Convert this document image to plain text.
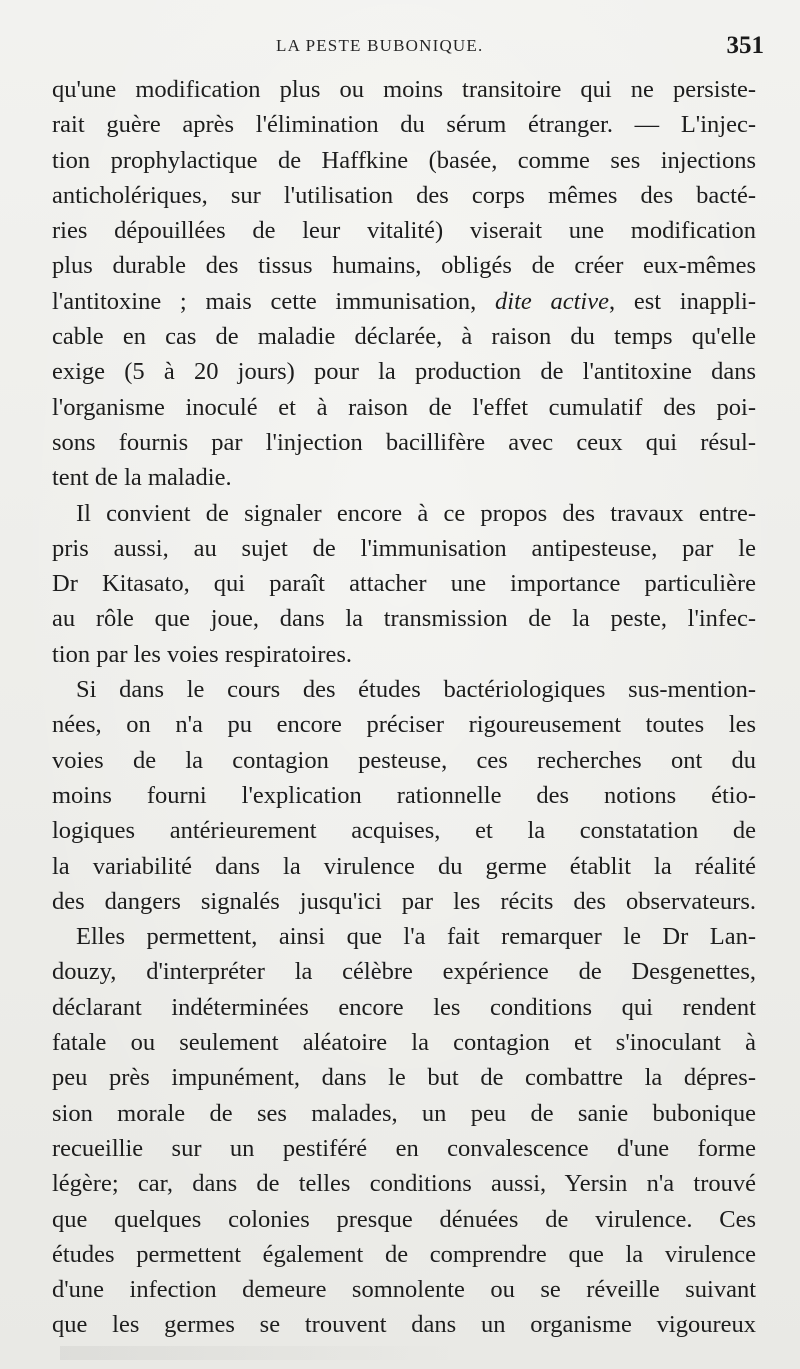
LA PESTE BUBONIQUE.	351
qu'une modification plus ou moins transitoire qui ne persiste-
rait guère après l'élimination du sérum étranger. — L'injec-
tion prophylactique de Haffkine (basée, comme ses injections
anticholériques, sur l'utilisation des corps mêmes des bacté-
ries dépouillées de leur vitalité) viserait une modification
plus durable des tissus humains, obligés de créer eux-mêmes
l'antitoxine ; mais cette immunisation, dite active, est inappli-
cable en cas de maladie déclarée, à raison du temps qu'elle
exige (5 à 20 jours) pour la production de l'antitoxine dans
l'organisme inoculé et à raison de l'effet cumulatif des poi-
sons fournis par l'injection bacillifère avec ceux qui résul-
tent de la maladie.
Il convient de signaler encore à ce propos des travaux entre-
pris aussi, au sujet de l'immunisation antipesteuse, par le
Dr Kitasato, qui paraît attacher une importance particulière
au rôle que joue, dans la transmission de la peste, l'infec-
tion par les voies respiratoires.
Si dans le cours des études bactériologiques sus-mention-
nées, on n'a pu encore préciser rigoureusement toutes les
voies de la contagion pesteuse, ces recherches ont du
moins fourni l'explication rationnelle des notions étio-
logiques antérieurement acquises, et la constatation de
la variabilité dans la virulence du germe établit la réalité
des dangers signalés jusqu'ici par les récits des observateurs.
Elles permettent, ainsi que l'a fait remarquer le Dr Lan-
douzy, d'interpréter la célèbre expérience de Desgenettes,
déclarant indéterminées encore les conditions qui rendent
fatale ou seulement aléatoire la contagion et s'inoculant à
peu près impunément, dans le but de combattre la dépres-
sion morale de ses malades, un peu de sanie bubonique
recueillie sur un pestiféré en convalescence d'une forme
légère; car, dans de telles conditions aussi, Yersin n'a trouvé
que quelques colonies presque dénuées de virulence. Ces
études permettent également de comprendre que la virulence
d'une infection demeure somnolente ou se réveille suivant
que les germes se trouvent dans un organisme vigoureux
